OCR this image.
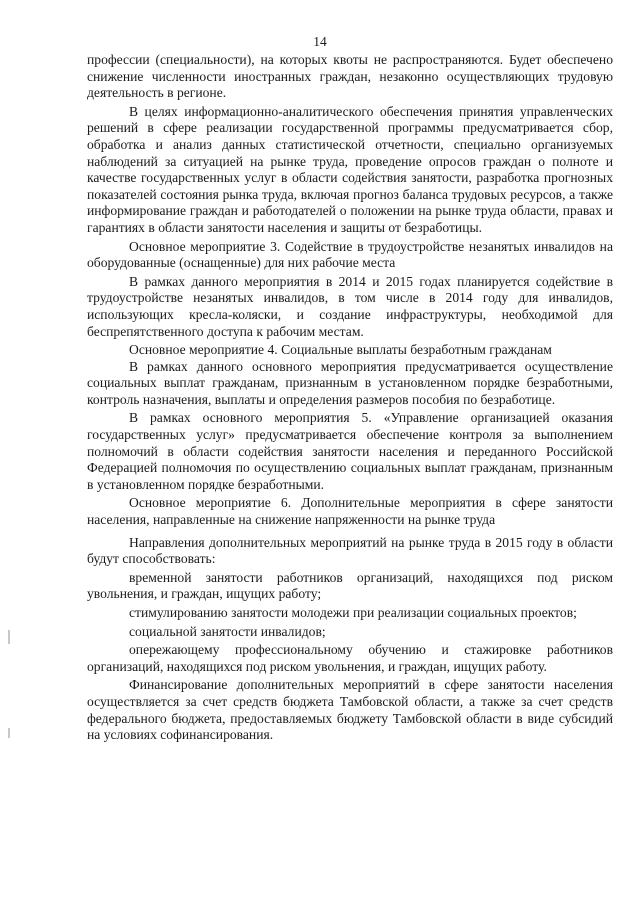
14

профессии (специальности), на которых квоты не распространяются. Будет обеспечено снижение численности иностранных граждан, незаконно осуществляющих трудовую деятельность в регионе.

В целях информационно-аналитического обеспечения принятия управленческих решений в сфере реализации государственной программы предусматривается сбор, обработка и анализ данных статистической отчетности, специально организуемых наблюдений за ситуацией на рынке труда, проведение опросов граждан о полноте и качестве государственных услуг в области содействия занятости, разработка прогнозных показателей состояния рынка труда, включая прогноз баланса трудовых ресурсов, а также информирование граждан и работодателей о положении на рынке труда области, правах и гарантиях в области занятости населения и защиты от безработицы.

Основное мероприятие 3. Содействие в трудоустройстве незанятых инвалидов на оборудованные (оснащенные) для них рабочие места

В рамках данного мероприятия в 2014 и 2015 годах планируется содействие в трудоустройстве незанятых инвалидов, в том числе в 2014 году для инвалидов, использующих кресла-коляски, и создание инфраструктуры, необходимой для беспрепятственного доступа к рабочим местам.

Основное мероприятие 4. Социальные выплаты безработным гражданам

В рамках данного основного мероприятия предусматривается осуществление социальных выплат гражданам, признанным в установленном порядке безработными, контроль назначения, выплаты и определения размеров пособия по безработице.

В рамках основного мероприятия 5. «Управление организацией оказания государственных услуг» предусматривается обеспечение контроля за выполнением полномочий в области содействия занятости населения и переданного Российской Федерацией полномочия по осуществлению социальных выплат гражданам, признанным в установленном порядке безработными.

Основное мероприятие 6. Дополнительные мероприятия в сфере занятости населения, направленные на снижение напряженности на рынке труда

Направления дополнительных мероприятий на рынке труда в 2015 году в области будут способствовать:

временной занятости работников организаций, находящихся под риском увольнения, и граждан, ищущих работу;

стимулированию занятости молодежи при реализации социальных проектов;

социальной занятости инвалидов;

опережающему профессиональному обучению и стажировке работников организаций, находящихся под риском увольнения, и граждан, ищущих работу.

Финансирование дополнительных мероприятий в сфере занятости населения осуществляется за счет средств бюджета Тамбовской области, а также за счет средств федерального бюджета, предоставляемых бюджету Тамбовской области в виде субсидий на условиях софинансирования.
